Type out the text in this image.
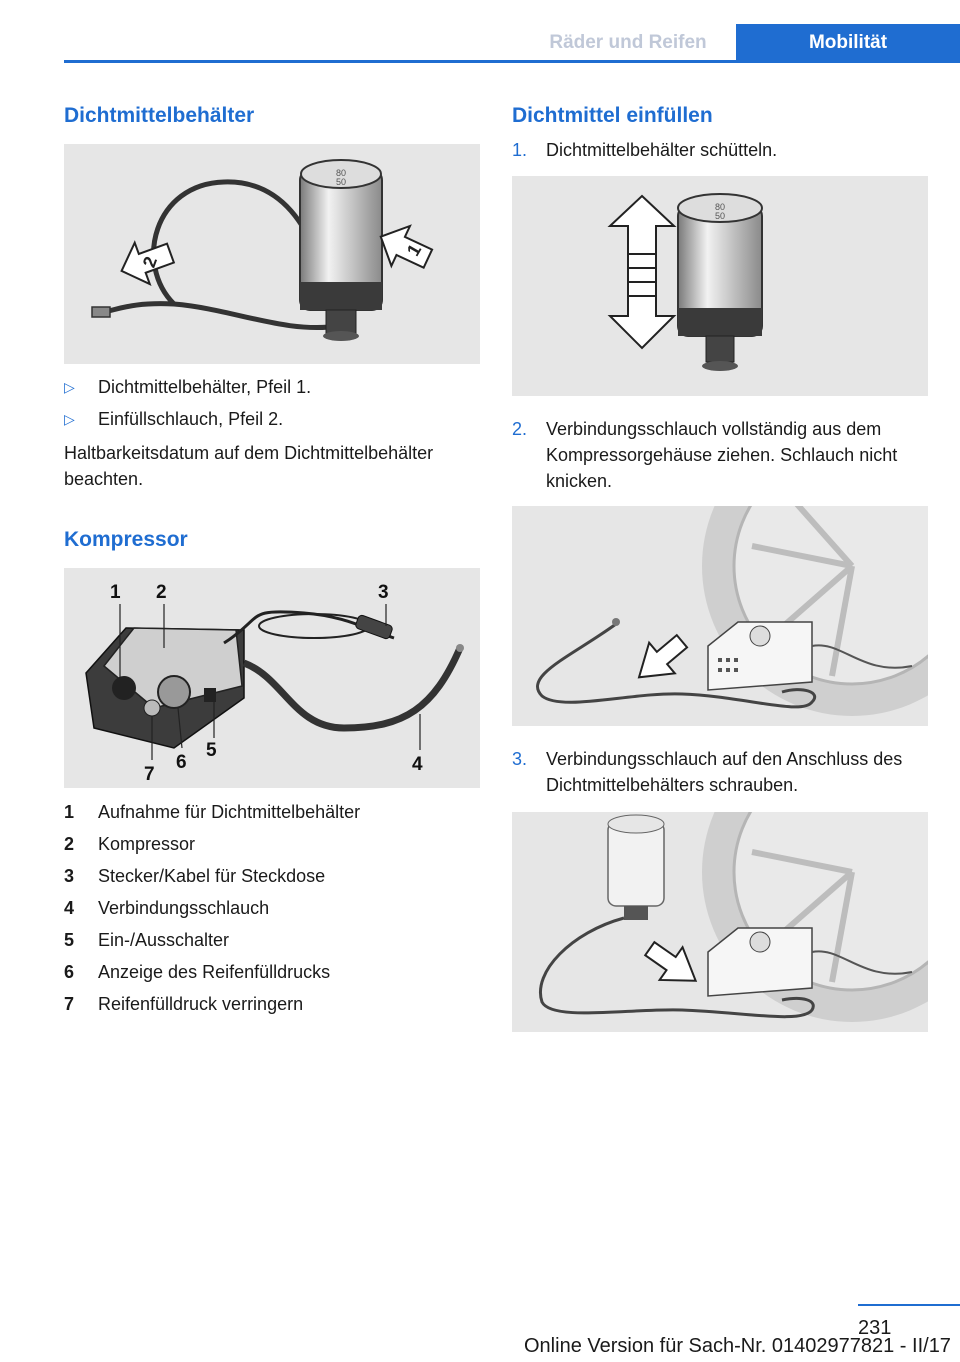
Räder und Reifen	Mobilität
Dichtmittelbehälter
80
50
2
1
▷	Dichtmittelbehälter, Pfeil 1.
▷	Einfüllschlauch, Pfeil 2.
Haltbarkeitsdatum auf dem Dichtmittelbehälter beachten.
Kompressor
1 2	3
4
5
6
7
1	Aufnahme für Dichtmittelbehälter
2	Kompressor
3	Stecker/Kabel für Steckdose
4	Verbindungsschlauch
5	Ein-/Ausschalter
6	Anzeige des Reifenfülldrucks
7	Reifenfülldruck verringern
Dichtmittel einfüllen
1.	Dichtmittelbehälter schütteln.
80
50
2.	Verbindungsschlauch vollständig aus dem Kompressorgehäuse ziehen. Schlauch nicht knicken.
3.	Verbindungsschlauch auf den Anschluss des Dichtmittelbehälters schrauben.
231
Online Version für Sach-Nr. 01402977821 - II/17
